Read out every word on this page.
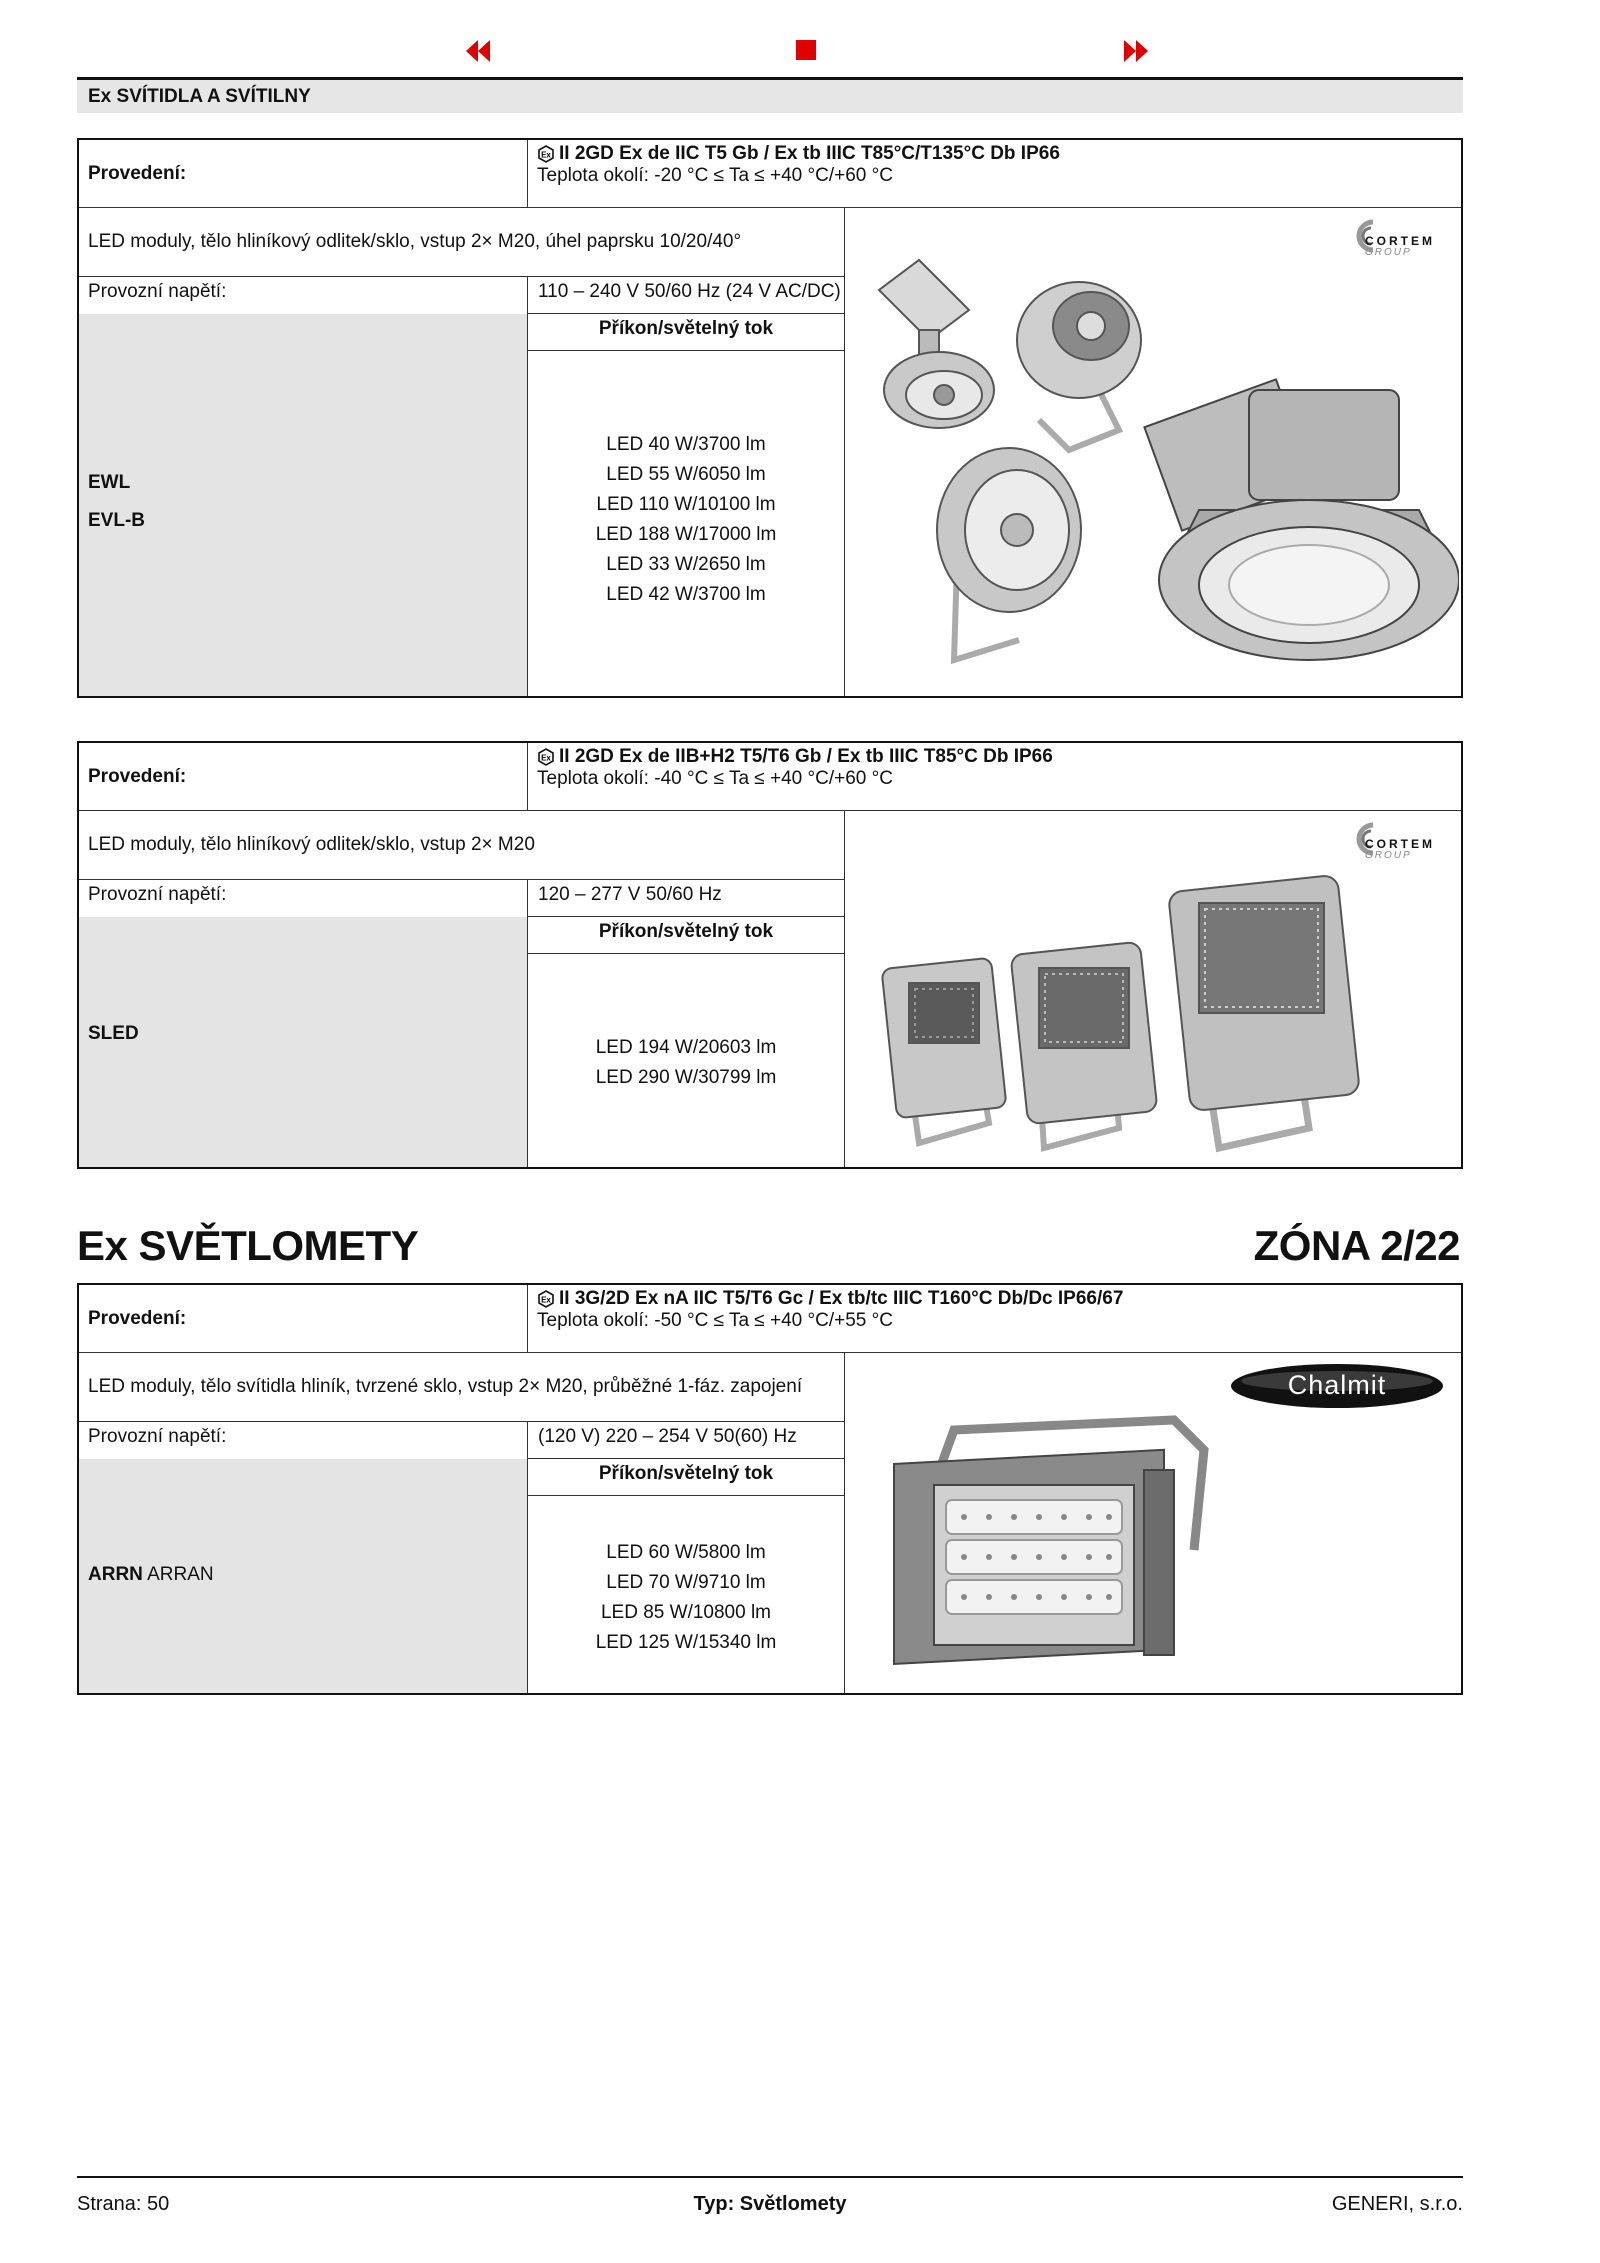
Ex SVÍTIDLA A SVÍTILNY
Provedení:
Ex II 2GD Ex de IIC T5 Gb / Ex tb IIIC T85°C/T135°C Db IP66
Teplota okolí: -20 °C ≤ Ta ≤ +40 °C/+60 °C
LED moduly, tělo hliníkový odlitek/sklo, vstup 2× M20, úhel paprsku 10/20/40°
Provozní napětí:	110 – 240 V 50/60 Hz (24 V AC/DC)
EWL
EVL-B
Příkon/světelný tok
LED 40 W/3700 lm
LED 55 W/6050 lm
LED 110 W/10100 lm
LED 188 W/17000 lm
LED 33 W/2650 lm
LED 42 W/3700 lm
CORTEM
GROUP
Provedení:
Ex II 2GD Ex de IIB+H2 T5/T6 Gb / Ex tb IIIC T85°C Db IP66
Teplota okolí: -40 °C ≤ Ta ≤ +40 °C/+60 °C
LED moduly, tělo hliníkový odlitek/sklo, vstup 2× M20
Provozní napětí:	120 – 277 V 50/60 Hz
SLED
Příkon/světelný tok
LED 194 W/20603 lm
LED 290 W/30799 lm
CORTEM
GROUP
Ex SVĚTLOMETY	ZÓNA 2/22
Provedení:
Ex II 3G/2D Ex nA IIC T5/T6 Gc / Ex tb/tc IIIC T160°C Db/Dc IP66/67
Teplota okolí: -50 °C ≤ Ta ≤ +40 °C/+55 °C
LED moduly, tělo svítidla hliník, tvrzené sklo, vstup 2× M20, průběžné 1-fáz. zapojení
Provozní napětí:	(120 V) 220 – 254 V 50(60) Hz
ARRN ARRAN
Příkon/světelný tok
LED 60 W/5800 lm
LED 70 W/9710 lm
LED 85 W/10800 lm
LED 125 W/15340 lm
Chalmit
Strana: 50	Typ: Světlomety	GENERI, s.r.o.
